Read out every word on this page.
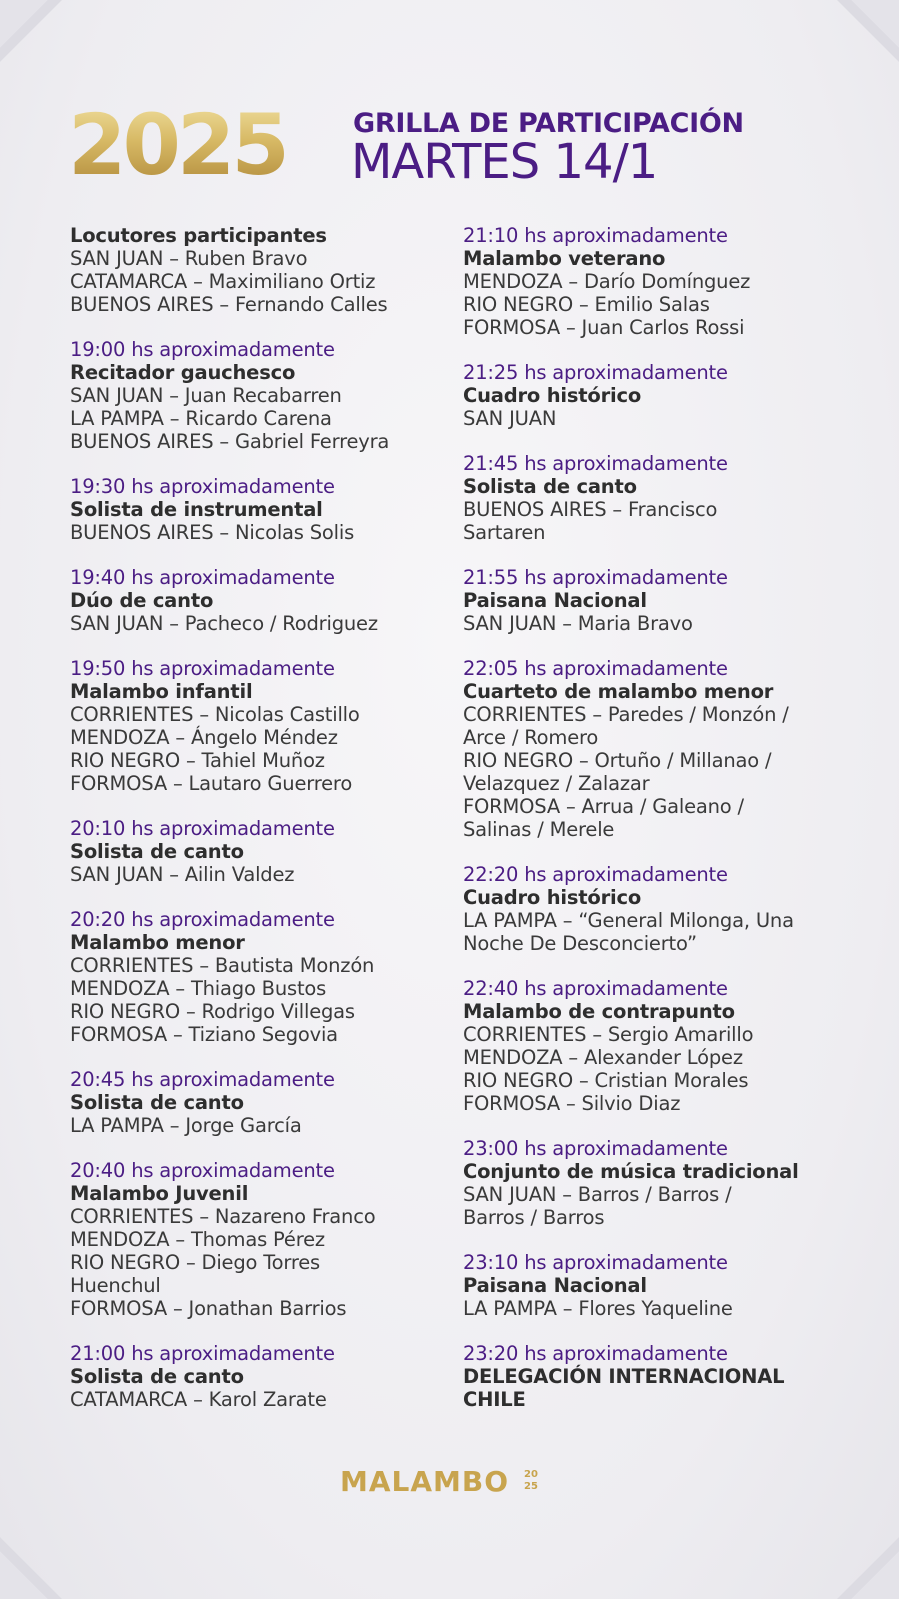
2025 GRILLA DE PARTICIPACIÓN
MARTES 14/1
Locutores participantes
SAN JUAN – Ruben Bravo
CATAMARCA – Maximiliano Ortiz
BUENOS AIRES – Fernando Calles
19:00 hs aproximadamente
Recitador gauchesco
SAN JUAN – Juan Recabarren
LA PAMPA – Ricardo Carena
BUENOS AIRES – Gabriel Ferreyra
19:30 hs aproximadamente
Solista de instrumental
BUENOS AIRES – Nicolas Solis
19:40 hs aproximadamente
Dúo de canto
SAN JUAN – Pacheco / Rodriguez
19:50 hs aproximadamente
Malambo infantil
CORRIENTES – Nicolas Castillo
MENDOZA – Ángelo Méndez
RIO NEGRO – Tahiel Muñoz
FORMOSA – Lautaro Guerrero
20:10 hs aproximadamente
Solista de canto
SAN JUAN – Ailin Valdez
20:20 hs aproximadamente
Malambo menor
CORRIENTES – Bautista Monzón
MENDOZA – Thiago Bustos
RIO NEGRO – Rodrigo Villegas
FORMOSA – Tiziano Segovia
20:45 hs aproximadamente
Solista de canto
LA PAMPA – Jorge García
20:40 hs aproximadamente
Malambo Juvenil
CORRIENTES – Nazareno Franco
MENDOZA – Thomas Pérez
RIO NEGRO – Diego Torres
Huenchul
FORMOSA – Jonathan Barrios
21:00 hs aproximadamente
Solista de canto
CATAMARCA – Karol Zarate
21:10 hs aproximadamente
Malambo veterano
MENDOZA – Darío Domínguez
RIO NEGRO – Emilio Salas
FORMOSA – Juan Carlos Rossi
21:25 hs aproximadamente
Cuadro histórico
SAN JUAN
21:45 hs aproximadamente
Solista de canto
BUENOS AIRES – Francisco
Sartaren
21:55 hs aproximadamente
Paisana Nacional
SAN JUAN – Maria Bravo
22:05 hs aproximadamente
Cuarteto de malambo menor
CORRIENTES – Paredes / Monzón /
Arce / Romero
RIO NEGRO – Ortuño / Millanao /
Velazquez / Zalazar
FORMOSA – Arrua / Galeano /
Salinas / Merele
22:20 hs aproximadamente
Cuadro histórico
LA PAMPA – “General Milonga, Una
Noche De Desconcierto”
22:40 hs aproximadamente
Malambo de contrapunto
CORRIENTES – Sergio Amarillo
MENDOZA – Alexander López
RIO NEGRO – Cristian Morales
FORMOSA – Silvio Diaz
23:00 hs aproximadamente
Conjunto de música tradicional
SAN JUAN – Barros / Barros /
Barros / Barros
23:10 hs aproximadamente
Paisana Nacional
LA PAMPA – Flores Yaqueline
23:20 hs aproximadamente
DELEGACIÓN INTERNACIONAL
CHILE
MALAMBO 20
25
